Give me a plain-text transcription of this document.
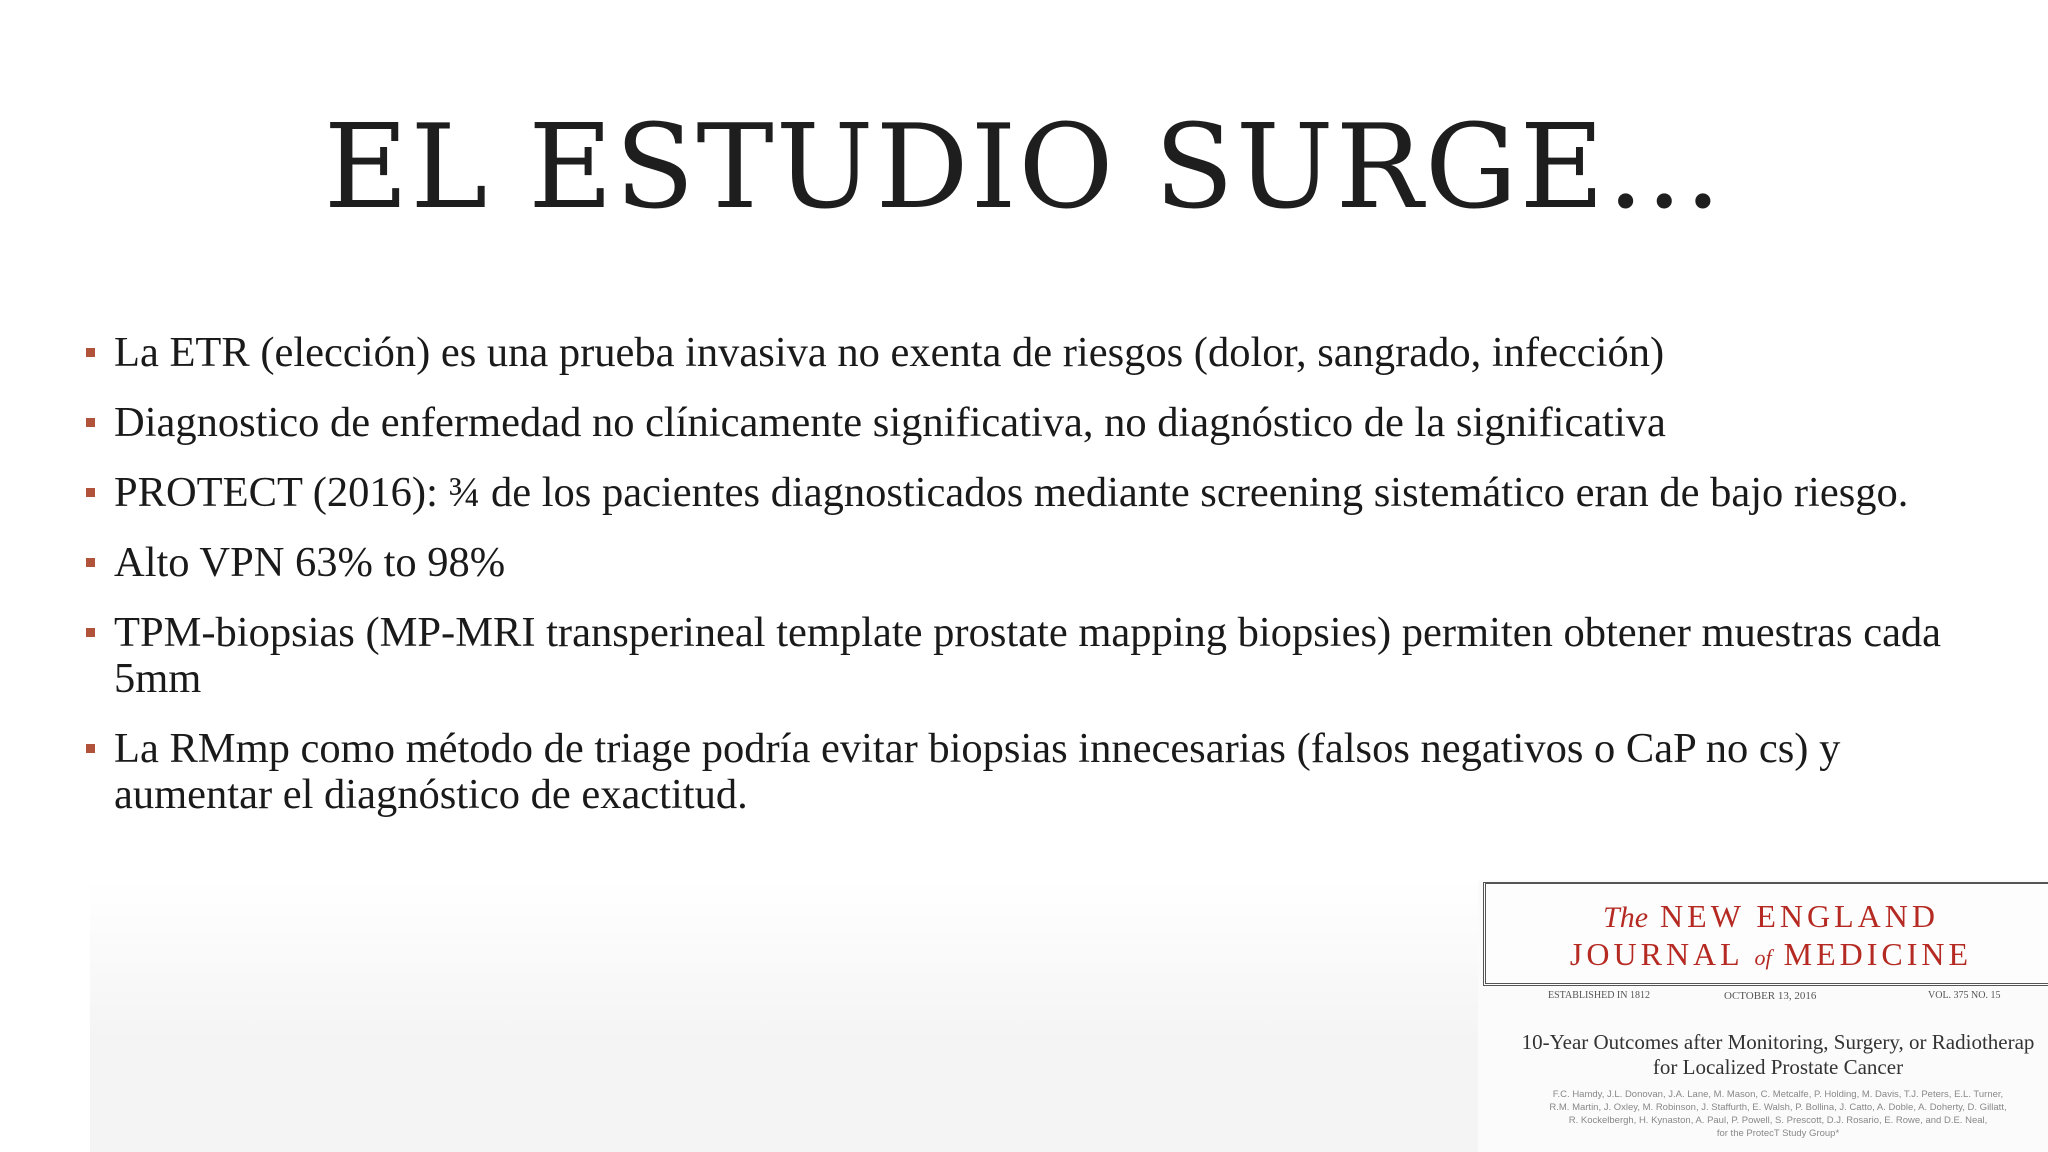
EL ESTUDIO SURGE…
La ETR (elección) es una prueba invasiva no exenta de riesgos (dolor, sangrado, infección)
Diagnostico de enfermedad no clínicamente significativa, no diagnóstico de la significativa
PROTECT (2016): ¾ de los pacientes diagnosticados mediante screening sistemático eran de bajo riesgo.
Alto VPN 63% to 98%
TPM-biopsias (MP-MRI transperineal template prostate mapping biopsies) permiten obtener muestras cada 5mm
La RMmp como método de triage podría evitar biopsias innecesarias (falsos negativos o CaP no cs) y aumentar el diagnóstico de exactitud.
The NEW ENGLAND
JOURNAL of MEDICINE
ESTABLISHED IN 1812	OCTOBER 13, 2016	VOL. 375 NO. 15
10-Year Outcomes after Monitoring, Surgery, or Radiotherap
for Localized Prostate Cancer
F.C. Hamdy, J.L. Donovan, J.A. Lane, M. Mason, C. Metcalfe, P. Holding, M. Davis, T.J. Peters, E.L. Turner,
R.M. Martin, J. Oxley, M. Robinson, J. Staffurth, E. Walsh, P. Bollina, J. Catto, A. Doble, A. Doherty, D. Gillatt,
R. Kockelbergh, H. Kynaston, A. Paul, P. Powell, S. Prescott, D.J. Rosario, E. Rowe, and D.E. Neal,
for the ProtecT Study Group*
